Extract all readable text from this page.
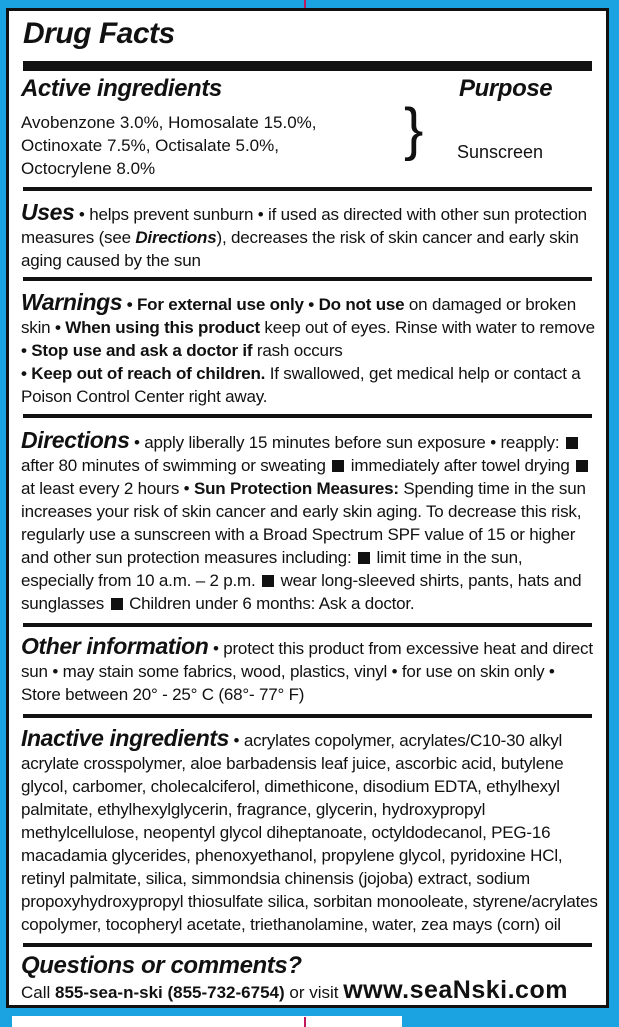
Drug Facts
Active ingredients	Purpose
Avobenzone 3.0%, Homosalate 15.0%,
Octinoxate 7.5%, Octisalate 5.0%,
Octocrylene 8.0%
} Sunscreen
Uses • helps prevent sunburn • if used as directed with other sun protection measures (see Directions), decreases the risk of skin cancer and early skin aging caused by the sun
Warnings • For external use only • Do not use on damaged or broken skin • When using this product keep out of eyes. Rinse with water to remove • Stop use and ask a doctor if rash occurs
• Keep out of reach of children. If swallowed, get medical help or contact a Poison Control Center right away.
Directions • apply liberally 15 minutes before sun exposure • reapply:  after 80 minutes of swimming or sweating  immediately after towel drying  at least every 2 hours • Sun Protection Measures: Spending time in the sun increases your risk of skin cancer and early skin aging. To decrease this risk, regularly use a sunscreen with a Broad Spectrum SPF value of 15 or higher and other sun protection measures including:  limit time in the sun, especially from 10 a.m. – 2 p.m.  wear long-sleeved shirts, pants, hats and sunglasses  Children under 6 months: Ask a doctor.
Other information • protect this product from excessive heat and direct sun • may stain some fabrics, wood, plastics, vinyl • for use on skin only • Store between 20° - 25° C (68°- 77° F)
Inactive ingredients • acrylates copolymer, acrylates/C10-30 alkyl acrylate crosspolymer, aloe barbadensis leaf juice, ascorbic acid, butylene glycol, carbomer, cholecalciferol, dimethicone, disodium EDTA, ethylhexyl palmitate, ethylhexylglycerin, fragrance, glycerin, hydroxypropyl methylcellulose, neopentyl glycol diheptanoate, octyldodecanol, PEG-16 macadamia glycerides, phenoxyethanol, propylene glycol, pyridoxine HCl, retinyl palmitate, silica, simmondsia chinensis (jojoba) extract, sodium propoxyhydroxypropyl thiosulfate silica, sorbitan monooleate, styrene/acrylates copolymer, tocopheryl acetate, triethanolamine, water, zea mays (corn) oil
Questions or comments?
Call 855-sea-n-ski (855-732-6754) or visit www.seaNski.com
